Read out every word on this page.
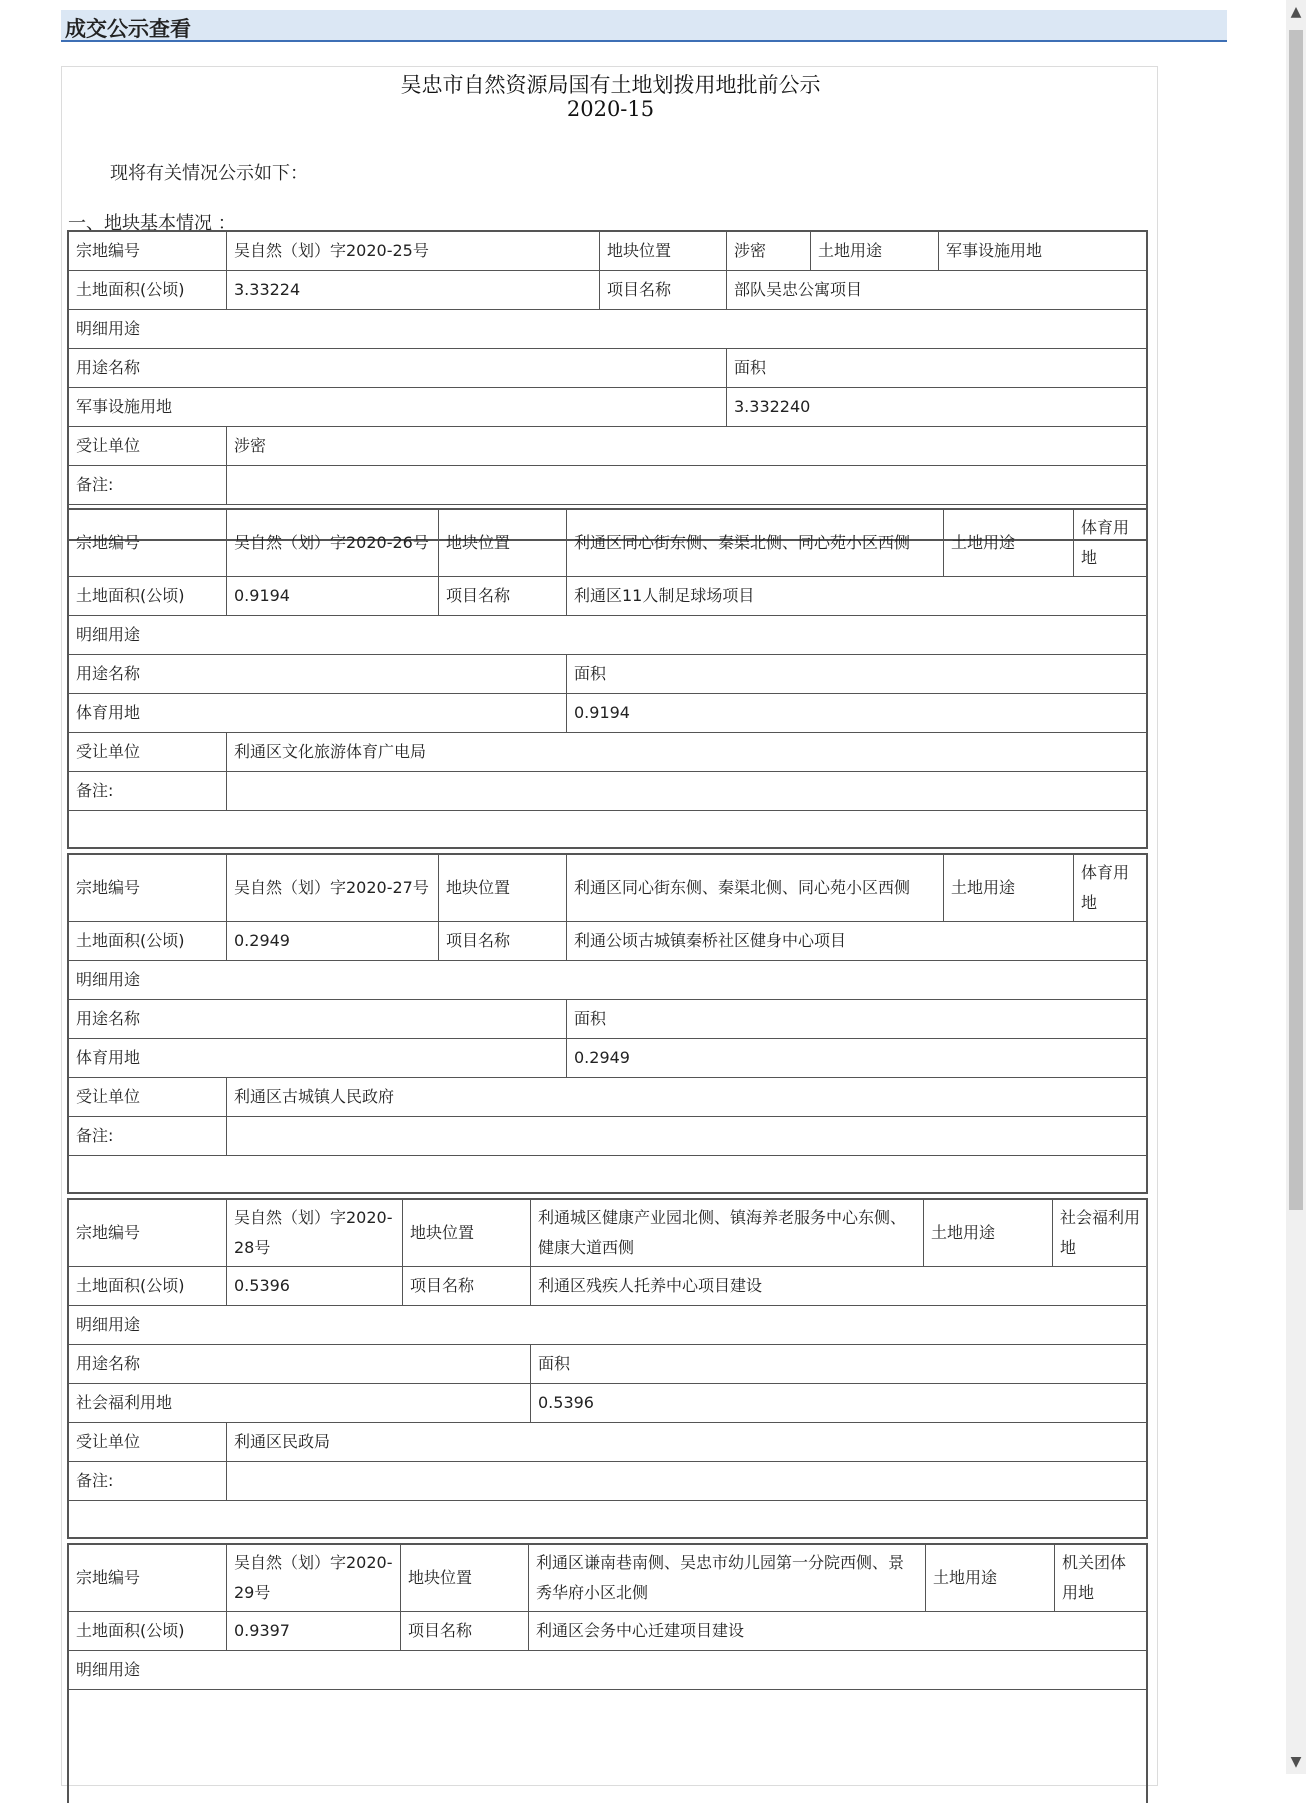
成交公示查看
吴忠市自然资源局国有土地划拨用地批前公示
2020-15
现将有关情况公示如下：
一、地块基本情况 ：
宗地编号	吴自然（划）字2020-25号	地块位置	涉密	土地用途	军事设施用地
土地面积(公顷)	3.33224	项目名称	部队吴忠公寓项目		
明细用途					
用途名称			面积		
军事设施用地			3.332240		
受让单位	涉密				
备注:					
宗地编号	吴自然（划）字2020-26号	地块位置	利通区同心街东侧、秦渠北侧、同心苑小区西侧	土地用途	体育用地
土地面积(公顷)	0.9194	项目名称	利通区11人制足球场项目		
明细用途					
用途名称			面积		
体育用地			0.9194		
受让单位	利通区文化旅游体育广电局				
备注:					
宗地编号	吴自然（划）字2020-27号	地块位置	利通区同心街东侧、秦渠北侧、同心苑小区西侧	土地用途	体育用地
土地面积(公顷)	0.2949	项目名称	利通公顷古城镇秦桥社区健身中心项目		
明细用途					
用途名称			面积		
体育用地			0.2949		
受让单位	利通区古城镇人民政府				
备注:					
宗地编号	吴自然（划）字2020-28号	地块位置	利通城区健康产业园北侧、镇海养老服务中心东侧、健康大道西侧	土地用途	社会福利用地
土地面积(公顷)	0.5396	项目名称	利通区残疾人托养中心项目建设		
明细用途					
用途名称			面积		
社会福利用地			0.5396		
受让单位	利通区民政局				
备注:					
宗地编号	吴自然（划）字2020-29号	地块位置	利通区谦南巷南侧、吴忠市幼儿园第一分院西侧、景秀华府小区北侧	土地用途	机关团体用地
土地面积(公顷)	0.9397	项目名称	利通区会务中心迁建项目建设		
明细用途					
▲
▼
